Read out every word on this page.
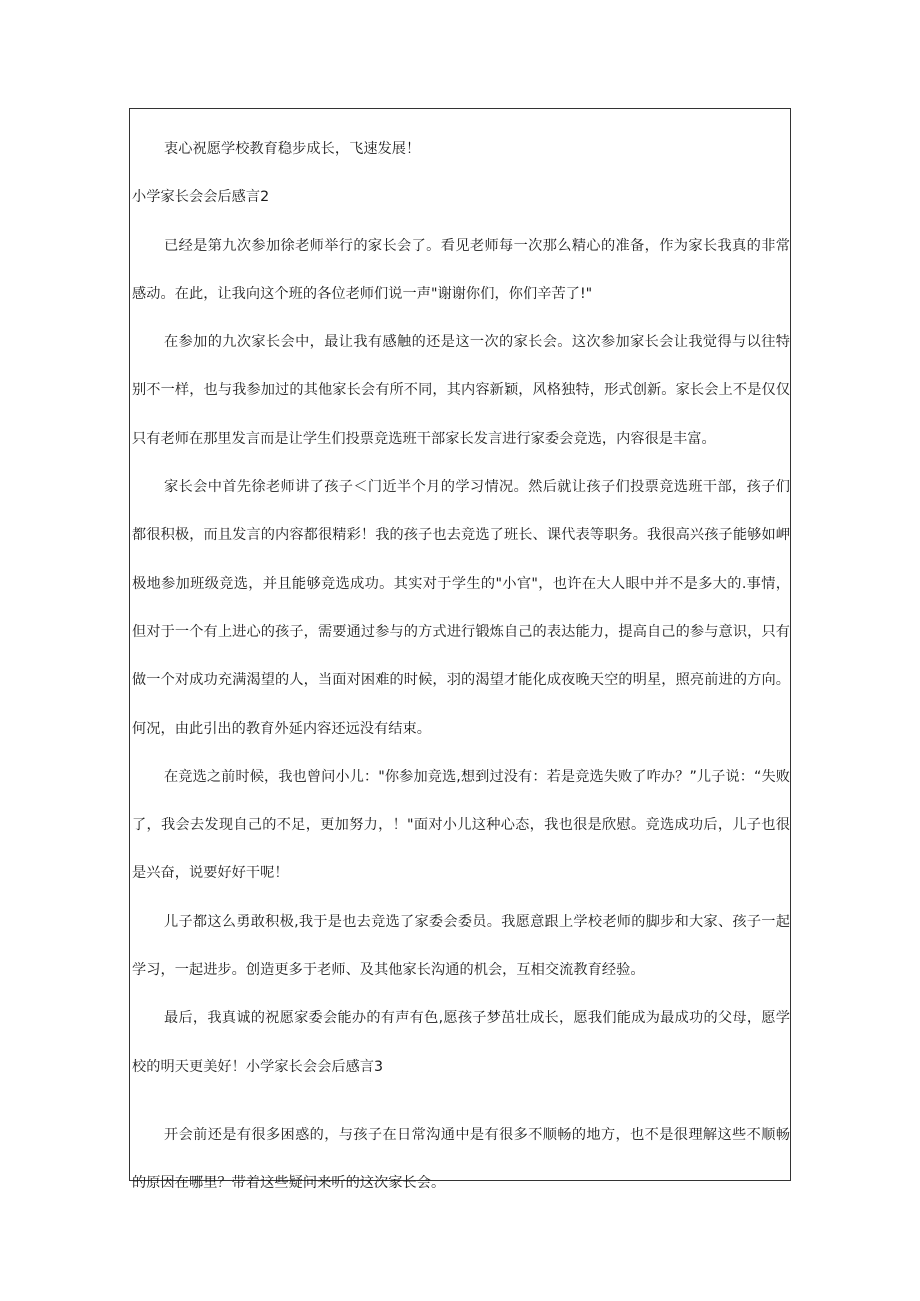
衷心祝愿学校教育稳步成长，飞速发展！

小学家长会会后感言2

已经是第九次参加徐老师举行的家长会了。看见老师每一次那么精心的准备，作为家长我真的非常感动。在此，让我向这个班的各位老师们说一声"谢谢你们，你们辛苦了!"

在参加的九次家长会中，最让我有感触的还是这一次的家长会。这次参加家长会让我觉得与以往特别不一样，也与我参加过的其他家长会有所不同，其内容新颖，风格独特，形式创新。家长会上不是仅仅只有老师在那里发言而是让学生们投票竞选班干部家长发言进行家委会竞选，内容很是丰富。

家长会中首先徐老师讲了孩子＜门近半个月的学习情况。然后就让孩子们投票竞选班干部，孩子们都很积极，而且发言的内容都很精彩！我的孩子也去竞选了班长、课代表等职务。我很高兴孩子能够如岬极地参加班级竞选，并且能够竞选成功。其实对于学生的"小官"，也许在大人眼中并不是多大的.事情，但对于一个有上进心的孩子，需要通过参与的方式进行锻炼自己的表达能力，提高自己的参与意识，只有做一个对成功充满渴望的人，当面对困难的时候，羽的渴望才能化成夜晚天空的明星，照亮前进的方向。何况，由此引出的教育外延内容还远没有结束。

在竞选之前时候，我也曾问小儿："你参加竞选,想到过没有：若是竞选失败了咋办？”儿子说：“失败了，我会去发现自己的不足，更加努力，！"面对小儿这种心态，我也很是欣慰。竞选成功后，儿子也很是兴奋，说要好好干呢！

儿子都这么勇敢积极,我于是也去竞选了家委会委员。我愿意跟上学校老师的脚步和大家、孩子一起学习，一起进步。创造更多于老师、及其他家长沟通的机会，互相交流教育经验。

最后，我真诚的祝愿家委会能办的有声有色,愿孩子梦茁壮成长，愿我们能成为最成功的父母，愿学校的明天更美好！小学家长会会后感言3

开会前还是有很多困惑的，与孩子在日常沟通中是有很多不顺畅的地方，也不是很理解这些不顺畅的原因在哪里？带着这些疑问来听的这次家长会。
